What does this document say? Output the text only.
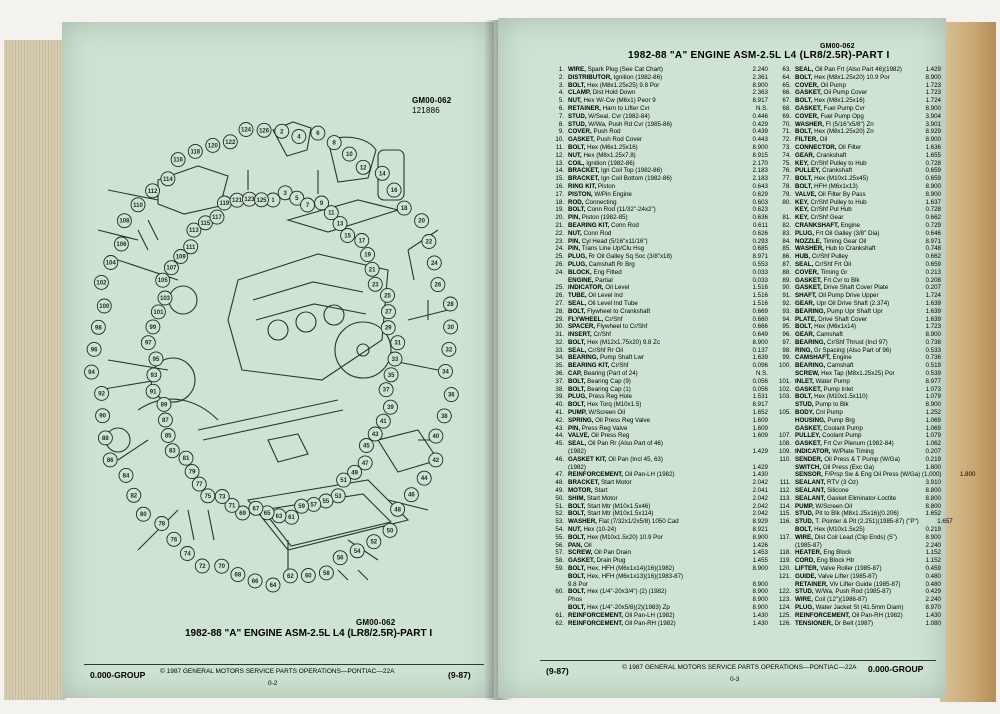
GM00-062
121886
1
2
3
4
5
6
7
8
9
10
11
12
13
14
15
16
17
18
19
20
21
22
23
24
25
26
27
28
29	30
31
32
33
34
35
36
37
38
39
40
41
42
43
44
45
46
47
48
49
50
51
52
53
54
55
56
57
58
59
60
61
62
63
64
65
66
67
68
69
70
71
72
73
74
75
76
77
78
79
80
81
82
83
84
85
86
87
88
89
90
91
92
93
94
95
96
97
98	99
100
101
102
103
104
105
106
107
108
109
110
111
112
113
114
115
116
117
118
119
120
121
122
123
124
125
126
GM00-062
1982-88 "A" ENGINE ASM-2.5L L4 (LR8/2.5R)-PART I
0.000-GROUP © 1987 GENERAL MOTORS SERVICE PARTS OPERATIONS—PONTIAC—22A
0-2
(9-87)
GM00-062
1982-88 "A" ENGINE ASM-2.5L L4 (LR8/2.5R)-PART I
1. WIRE, Spark Plug (See Cat Chart)	2.240
2. DISTRIBUTOR, Ignition (1982-86)	2.361
3. BOLT, Hex (M8x1.25x25) 9.8 Por	8.900
4. CLAMP, Dist Hold Down	2.363
5. NUT, Hex W/-Cw (M6x1) Peor 9	8.917
6. RETAINER, Harn to Lifter Cvr	N.S.
7. STUD, W/Seal, Cvr (1982-84)	0.446
8. STUD, W/Wa, Push Rd Cvr (1985-86)	0.429
9. COVER, Push Rod	0.439
10. GASKET, Push Rod Cover	0.443
11. BOLT, Hex (M6x1.25x16)	8.900
12. NUT, Hex (M8x1.25x7.8)	8.915
13. COIL, Ignition (1982-86)	2.170
14. BRACKET, Ign Coil Top (1982-86)	2.183
15. BRACKET, Ign Coil Bottom (1982-86)	2.183
16. RING KIT, Piston	0.643
17. PISTON, W/Pin Engine	0.629
18. ROD, Connecting	0.603
19. BOLT, Conn Rod (11/32"-24x2")	0.623
20. PIN, Piston (1982-85)	0.636
21. BEARING KIT, Conn Rod	0.611
22. NUT, Conn Rod	0.626
23. PIN, Cyl Head (5/16"x11/16")	0.293
24. PIN, Trans Line Up/Clu Hsg	0.685
25. PLUG, Rr Oil Galley Sq Soc (3/8"x18)	8.971
26. PLUG, Camshaft Rr Brg	0.553
24. BLOCK, Eng Fitted	0.033
ENGINE, Partial	0.033
25. INDICATOR, Oil Level	1.516
26. TUBE, Oil Level Ind	1.516
27. SEAL, Oil Level Ind Tube	1.516
28. BOLT, Flywheel to Crankshaft	0.669
29. FLYWHEEL, Cr/Shf	0.660
30. SPACER, Flywheel to Cr/Shf	0.666
31. INSERT, Cr/Shf	0.649
32. BOLT, Hex (M12x1.75x20) 9.8 Zc	8.900
33. SEAL, Cr/Shf Rr Oil	0.137
34. BEARING, Pump Shaft Lwr	1.639
35. BEARING KIT, Cr/Shf	0.096
36. CAP, Bearing (Part of 24)	N.S.
37. BOLT, Bearing Cap (9)	0.056
38. BOLT, Bearing Cap (1)	0.056
39. PLUG, Press Reg Hole	1.531
40. BOLT, Hex Torq (M10x1.5)	8.917
41. PUMP, W/Screen Oil	1.652
42. SPRING, Oil Press Reg Valve	1.609
43. PIN, Press Reg Valve	1.609
44. VALVE, Oil Press Reg	1.609
45. SEAL, Oil Pan Rr (Also Part of 46)
(1982)	1.429
46. GASKET KIT, Oil Pan (Incl 45, 63)
(1982)	1.429
47. REINFORCEMENT, Oil Pan-LH (1982)	1.430
48. BRACKET, Start Motor	2.042
49. MOTOR, Start	2.041
50. SHIM, Start Motor	2.042
51. BOLT, Start Mtr (M10x1.5x46)	2.042
52. BOLT, Start Mtr (M10x1.5x114)	2.042
53. WASHER, Flat (7/32x1/2x5/8) 1050 Cad	8.929
54. NUT, Hex (10-24)	8.921
55. BOLT, Hex (M10x1.5x20) 10.9 Por	8.900
56. PAN, Oil	1.426
57. SCREW, Oil Pan Drain	1.453
58. GASKET, Drain Plug	1.455
59. BOLT, Hex, HFH (M6x1x14)(16)(1982)	8.900
BOLT, Hex, HFH (M6x1x13)(16)(1983-87)
9.8 Por	8.900
60. BOLT, Hex (1/4"-20x3/4") (2) (1982)	8.900
Phos	8.900
BOLT, Hex (1/4"-20x5/8)(2)(1983) Zp	8.900
61. REINFORCEMENT, Oil Pan-LH (1982)	1.430
62. REINFORCEMENT, Oil Pan-RH (1982)	1.430
63. SEAL, Oil Pan Frt (Also Part 46)(1982)	1.429
64. BOLT, Hex (M8x1.25x20) 10.9 Por	8.900
65. COVER, Oil Pump	1.723
66. GASKET, Oil Pump Cover	1.723
67. BOLT, Hex (M8x1.25x16)	1.724
68. GASKET, Fuel Pump Cvr	8.900
69. COVER, Fuel Pump Opg	3.904
70. WASHER, Fl (5/16"x5/8") Zn	3.901
71. BOLT, Hex (M8x1.25x20) Zn	8.929
72. FILTER, Oil	8.900
73. CONNECTOR, Oil Filter	1.636
74. GEAR, Crankshaft	1.655
75. KEY, Cr/Shf Pulley to Hub	0.728
76. PULLEY, Crankshaft	0.659
77. BOLT, Hex (M10x1.25x45)	0.659
78. BOLT, HFH (M6x1x13)	8.900
79. VALVE, Oil Filter By Pass	8.900
80. KEY, Cr/Shf Pulley to Hub	1.637
KEY, Cr/Shf Pul Hub	0.728
81. KEY, Cr/Shf Gear	0.662
82. CRANKSHAFT, Engine	0.729
83. PLUG, Frt Oil Galley (3/8" Dia)	0.646
84. NOZZLE, Timing Gear Oil	8.971
85. WASHER, Hub to Crankshaft	0.748
86. HUB, Cr/Shf Pulley	0.662
87. SEAL, Cr/Shf Frt Oil	0.659
88. COVER, Timing Gr	0.213
89. GASKET, Frt Cvr to Blk	0.208
90. GASKET, Drive Shaft Cover Plate	0.207
91. SHAFT, Oil Pump Drive Upper	1.724
92. GEAR, Upr Oil Drive Shaft (2.374)	1.639
93. BEARING, Pump Upr Shaft Upr	1.639
94. PLATE, Drive Shaft Cover	1.639
95. BOLT, Hex (M6x1x14)	1.723
96. GEAR, Camshaft	8.900
97. BEARING, Cr/Shf Thrust (Incl 97)	0.738
98. RING, Gr Spacing (Also Part of 96)	0.533
99. CAMSHAFT, Engine	0.736
100. BEARING, Camshaft	0.519
SCREW, Hex Tap (M8x1.25x25) Por	0.539
101. INLET, Water Pump	8.977
102. GASKET, Pump Inlet	1.073
103. BOLT, Hex (M10x1.5x110)	1.079
STUD, Pump to Blk	8.900
105. BODY, Cnl Pump	1.252
HOUSING, Pump Brg	1.069
GASKET, Coolant Pump	1.069
107. PULLEY, Coolant Pump	1.079
108. GASKET, Frt Cvr Plenum (1982-84)	1.062
109. INDICATOR, W/Plate Timing	0.207
110. SENDER, Oil Press & T Pump (W/Ga)	0.219
SWITCH, Oil Press (Exc Ga)	1.800
SENSOR, F/Prsp Sw & Eng Oil Press (W/Ga) (1,000)	1.800
111. SEALANT, RTV (3 Oz)	3.910
112. SEALANT, Silicone	8.800
113. SEALANT, Gasket Eliminator-Loctite	8.800
114. PUMP, W/Screen Oil	8.800
115. STUD, Pit to Blk (M8x1.25x16)(0.206)	1.652
116. STUD, T. Pointer & Pit (2.251)(1985-87) ("P")	1.657
BOLT, Hex (M10x1.5x25)	0.219
117. WIRE, Dist Coil Lead (Clip Ends) (5")	8.900
(1985-87)	2.240
118. HEATER, Eng Block	1.152
119. CORD, Eng Block Htr	1.152
120. LIFTER, Valve Roller (1985-87)	0.459
121. GUIDE, Valve Lifter (1985-87)	0.480
RETAINER, Vlv Lifter Guide (1985-87)	0.480
122. STUD, W/Wa, Push Rod (1985-87)	0.429
123. WIRE, Coil (12")(1986-87)	2.240
124. PLUG, Water Jacket St (41.5mm Diam)	8.970
125. REINFORCEMENT, Oil Pan-RH (1982)	1.430
126. TENSIONER, Dr Belt (1987)	1.080
(9-87)	© 1987 GENERAL MOTORS SERVICE PARTS OPERATIONS—PONTIAC—22A
0-3
0.000-GROUP
